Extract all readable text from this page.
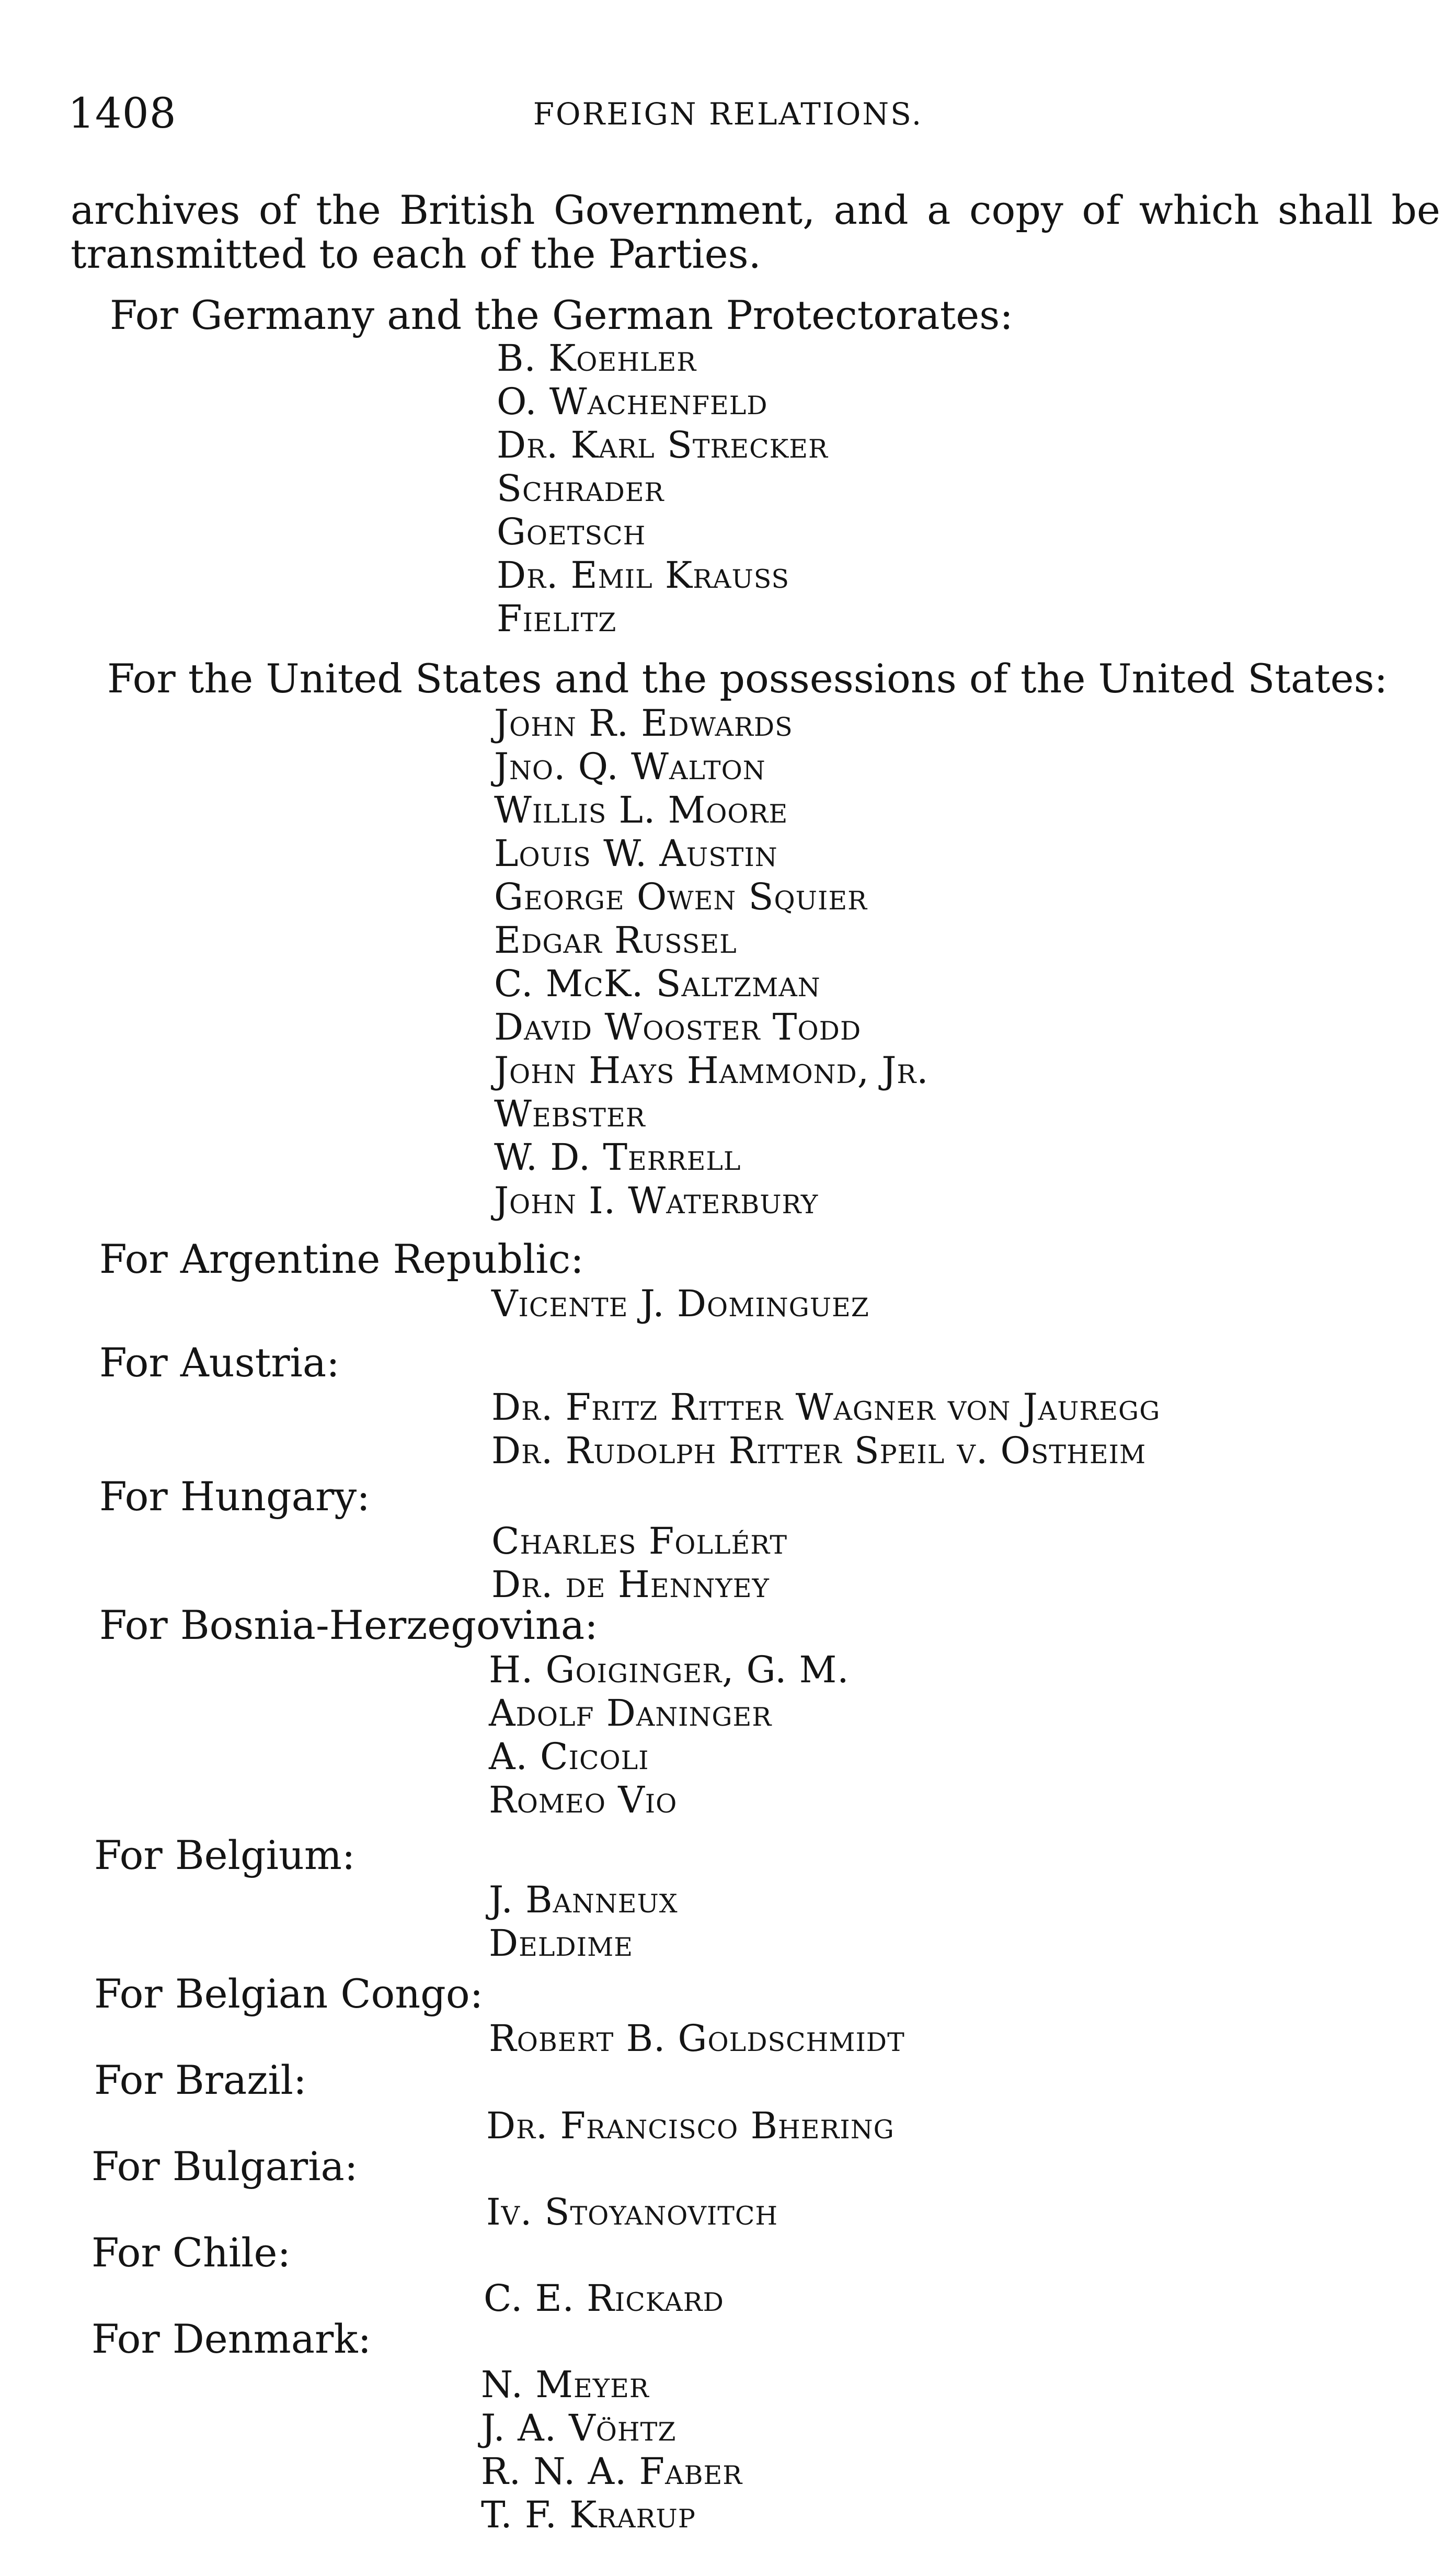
1408	FOREIGN RELATIONS.
archives of the British Government, and a copy of which shall be
transmitted to each of the Parties.
For Germany and the German Protectorates:
B. Koehler
O. Wachenfeld
Dr. Karl Strecker
Schrader
Goetsch
Dr. Emil Krauss
Fielitz
For the United States and the possessions of the United States:
John R. Edwards
Jno. Q. Walton
Willis L. Moore
Louis W. Austin
George Owen Squier
Edgar Russel
C. McK. Saltzman
David Wooster Todd
John Hays Hammond, Jr.
Webster
W. D. Terrell
John I. Waterbury
For Argentine Republic:
Vicente J. Dominguez
For Austria:
Dr. Fritz Ritter Wagner von Jauregg
Dr. Rudolph Ritter Speil v. Ostheim
For Hungary:
Charles Follért
Dr. de Hennyey
For Bosnia-Herzegovina:
H. Goiginger, G. M.
Adolf Daninger
A. Cicoli
Romeo Vio
For Belgium:
J. Banneux
Deldime
For Belgian Congo:
Robert B. Goldschmidt
For Brazil:
Dr. Francisco Bhering
For Bulgaria:
Iv. Stoyanovitch
For Chile:
C. E. Rickard
For Denmark:
N. Meyer
J. A. Vöhtz
R. N. A. Faber
T. F. Krarup
